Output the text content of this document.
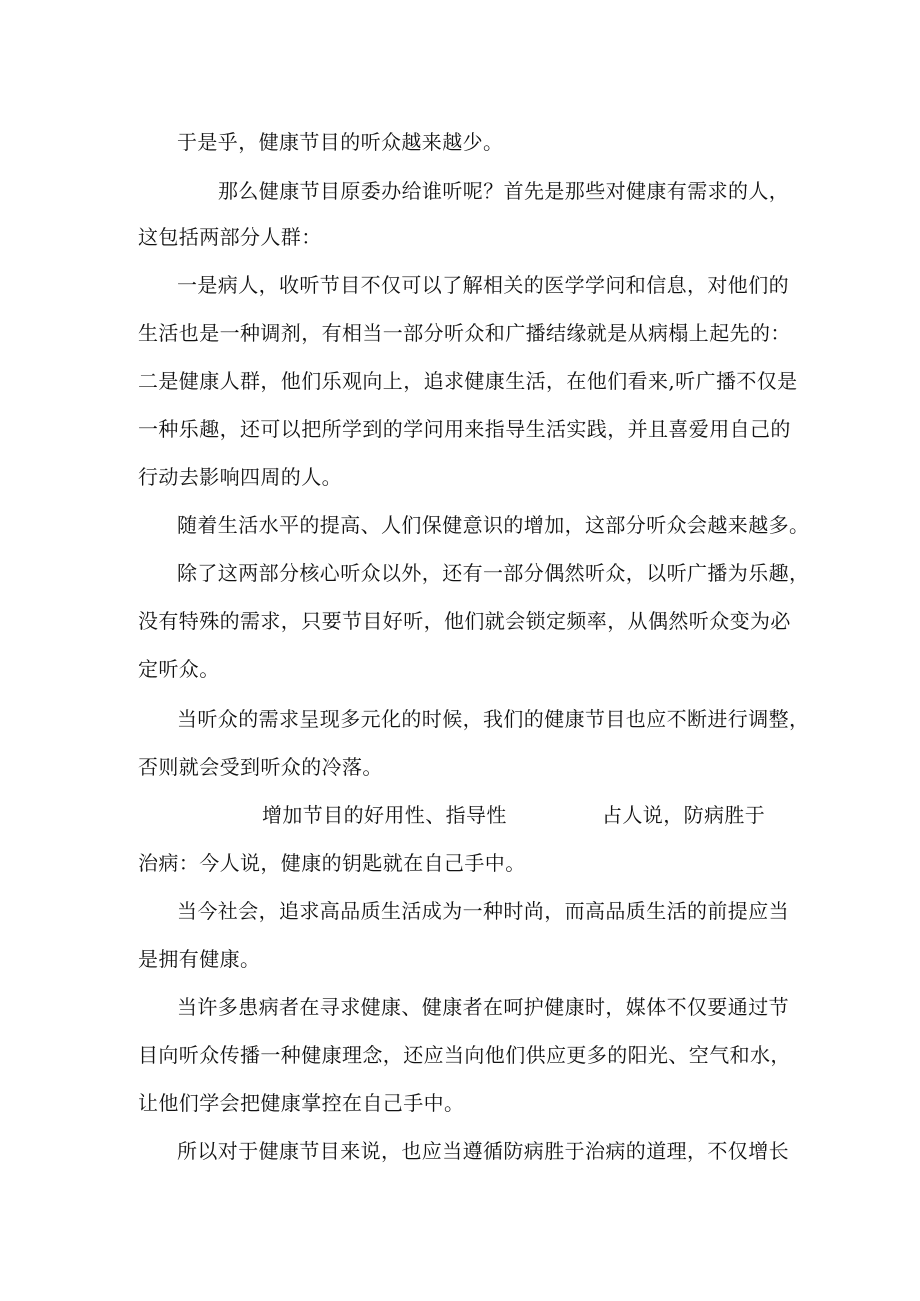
于是乎，健康节目的听众越来越少。

那么健康节目原委办给谁听呢？首先是那些对健康有需求的人，

这包括两部分人群：

一是病人，收听节目不仅可以了解相关的医学学问和信息，对他们的

生活也是一种调剂，有相当一部分听众和广播结缘就是从病榻上起先的：

二是健康人群，他们乐观向上，追求健康生活，在他们看来,听广播不仅是

一种乐趣，还可以把所学到的学问用来指导生活实践，并且喜爱用自己的

行动去影响四周的人。

随着生活水平的提高、人们保健意识的增加，这部分听众会越来越多。

除了这两部分核心听众以外，还有一部分偶然听众，以听广播为乐趣，

没有特殊的需求，只要节目好听，他们就会锁定频率，从偶然听众变为必

定听众。

当听众的需求呈现多元化的时候，我们的健康节目也应不断进行调整，

否则就会受到听众的冷落。

增加节目的好用性、指导性	占人说，防病胜于

治病：今人说，健康的钥匙就在自己手中。

当今社会，追求高品质生活成为一种时尚，而高品质生活的前提应当

是拥有健康。

当许多患病者在寻求健康、健康者在呵护健康时，媒体不仅要通过节

目向听众传播一种健康理念，还应当向他们供应更多的阳光、空气和水，

让他们学会把健康掌控在自己手中。

所以对于健康节目来说，也应当遵循防病胜于治病的道理，不仅增长
